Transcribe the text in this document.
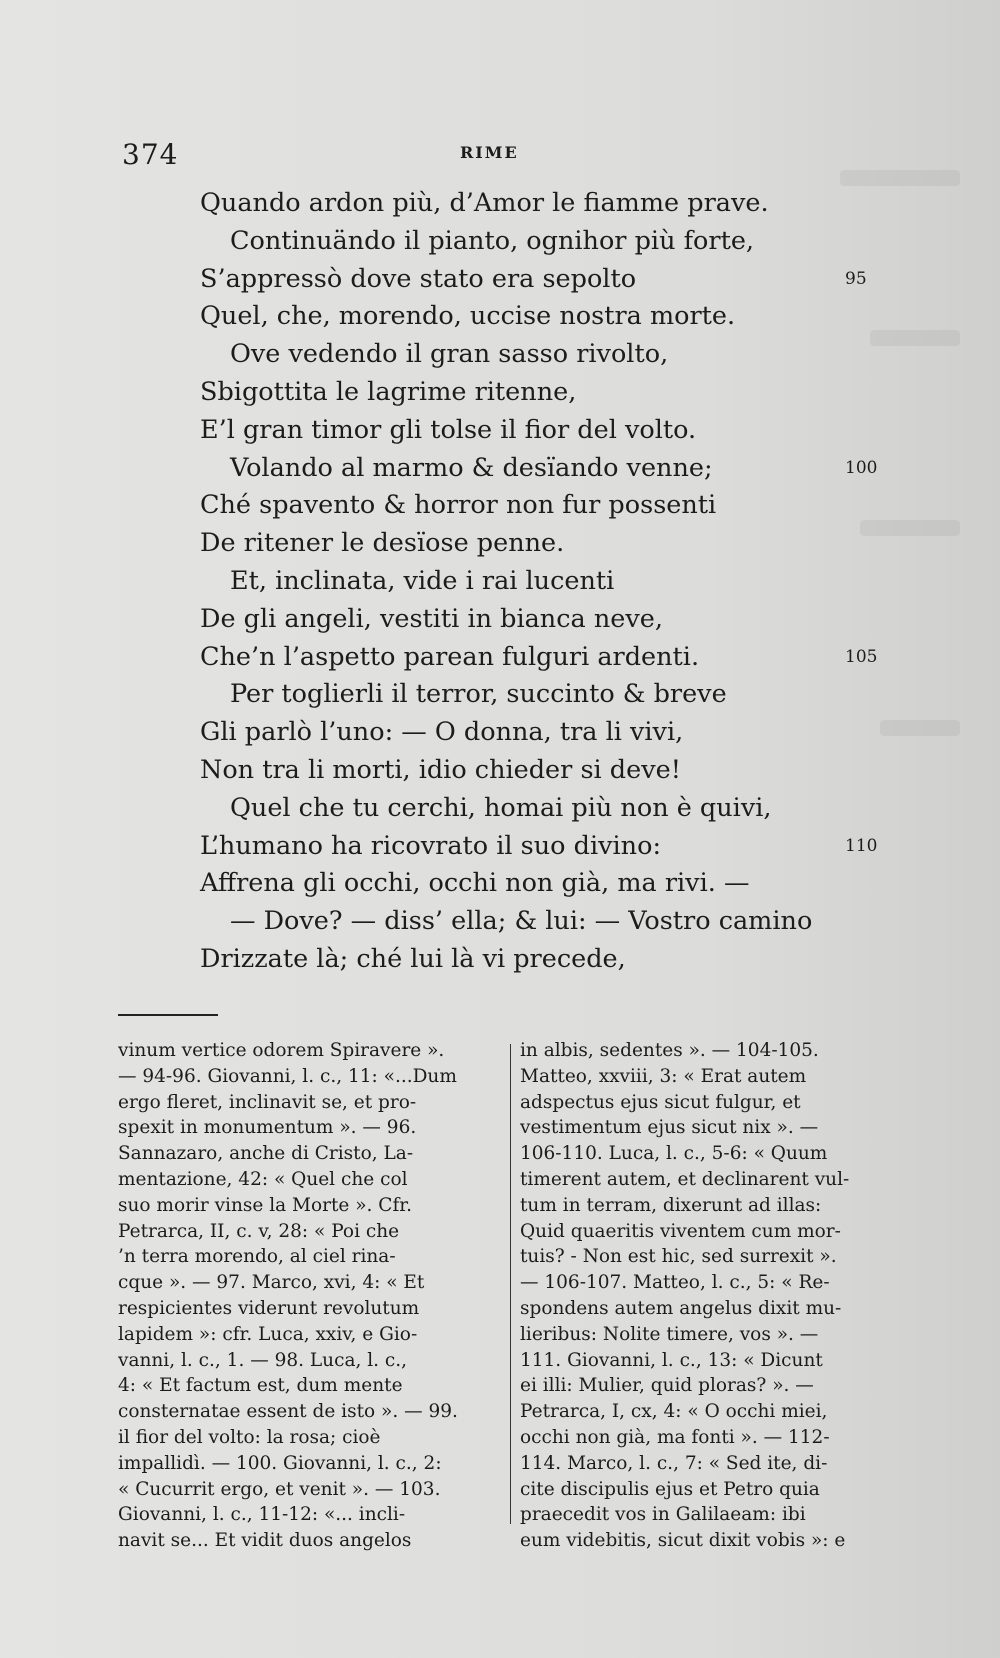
374	RIME
Quando ardon più, d’Amor le fiamme prave.
Continuändo il pianto, ognihor più forte,
S’appressò dove stato era sepolto	95
Quel, che, morendo, uccise nostra morte.
Ove vedendo il gran sasso rivolto,
Sbigottita le lagrime ritenne,
E’l gran timor gli tolse il fior del volto.
Volando al marmo & desïando venne;	100
Ché spavento & horror non fur possenti
De ritener le desïose penne.
Et, inclinata, vide i rai lucenti
De gli angeli, vestiti in bianca neve,
Che’n l’aspetto parean fulguri ardenti.	105
Per toglierli il terror, succinto & breve
Gli parlò l’uno: — O donna, tra li vivi,
Non tra li morti, idio chieder si deve!
Quel che tu cerchi, homai più non è quivi,
L’humano ha ricovrato il suo divino:	110
Affrena gli occhi, occhi non già, ma rivi. —
— Dove? — diss’ ella; & lui: — Vostro camino
Drizzate là; ché lui là vi precede,
vinum vertice odorem Spiravere ».
— 94-96. Giovanni, l. c., 11: «...Dum
ergo fleret, inclinavit se, et pro-
spexit in monumentum ». — 96.
Sannazaro, anche di Cristo, La-
mentazione, 42: « Quel che col
suo morir vinse la Morte ». Cfr.
Petrarca, II, c. v, 28: « Poi che
’n terra morendo, al ciel rina-
cque ». — 97. Marco, xvi, 4: « Et
respicientes viderunt revolutum
lapidem »: cfr. Luca, xxiv, e Gio-
vanni, l. c., 1. — 98. Luca, l. c.,
4: « Et factum est, dum mente
consternatae essent de isto ». — 99.
il fior del volto: la rosa; cioè
impallidì. — 100. Giovanni, l. c., 2:
« Cucurrit ergo, et venit ». — 103.
Giovanni, l. c., 11-12: «... incli-
navit se... Et vidit duos angelos
in albis, sedentes ». — 104-105.
Matteo, xxviii, 3: « Erat autem
adspectus ejus sicut fulgur, et
vestimentum ejus sicut nix ». —
106-110. Luca, l. c., 5-6: « Quum
timerent autem, et declinarent vul-
tum in terram, dixerunt ad illas:
Quid quaeritis viventem cum mor-
tuis? - Non est hic, sed surrexit ».
— 106-107. Matteo, l. c., 5: « Re-
spondens autem angelus dixit mu-
lieribus: Nolite timere, vos ». —
111. Giovanni, l. c., 13: « Dicunt
ei illi: Mulier, quid ploras? ». —
Petrarca, I, cx, 4: « O occhi miei,
occhi non già, ma fonti ». — 112-
114. Marco, l. c., 7: « Sed ite, di-
cite discipulis ejus et Petro quia
praecedit vos in Galilaeam: ibi
eum videbitis, sicut dixit vobis »: e
